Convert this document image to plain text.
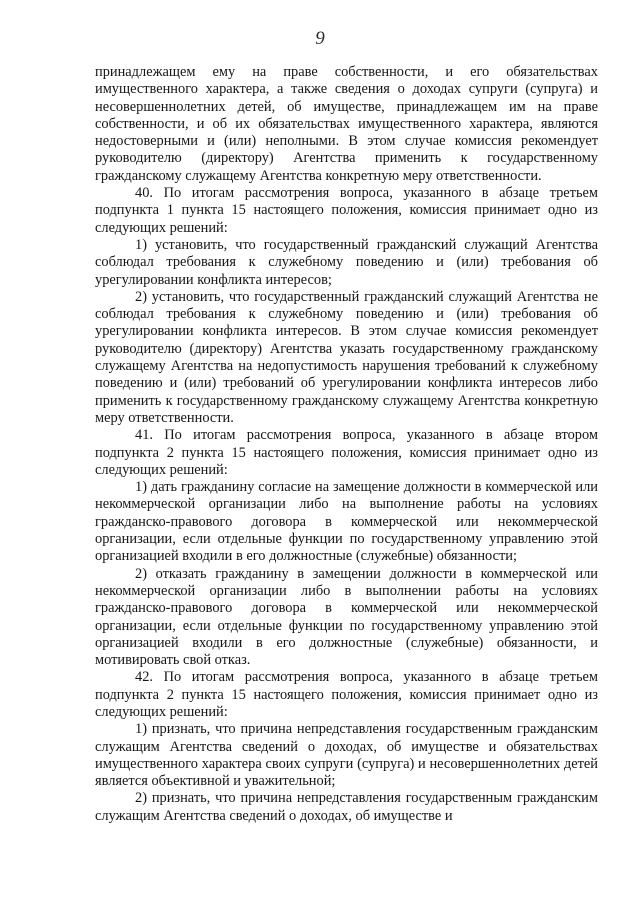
9

принадлежащем ему на праве собственности, и его обязательствах имущественного характера, а также сведения о доходах супруги (супруга) и несовершеннолетних детей, об имуществе, принадлежащем им на праве собственности, и об их обязательствах имущественного характера, являются недостоверными и (или) неполными. В этом случае комиссия рекомендует руководителю (директору) Агентства применить к государственному гражданскому служащему Агентства конкретную меру ответственности.

40. По итогам рассмотрения вопроса, указанного в абзаце третьем подпункта 1 пункта 15 настоящего положения, комиссия принимает одно из следующих решений:

1) установить, что государственный гражданский служащий Агентства соблюдал требования к служебному поведению и (или) требования об урегулировании конфликта интересов;

2) установить, что государственный гражданский служащий Агентства не соблюдал требования к служебному поведению и (или) требования об урегулировании конфликта интересов. В этом случае комиссия рекомендует руководителю (директору) Агентства указать государственному гражданскому служащему Агентства на недопустимость нарушения требований к служебному поведению и (или) требований об урегулировании конфликта интересов либо применить к государственному гражданскому служащему Агентства конкретную меру ответственности.

41. По итогам рассмотрения вопроса, указанного в абзаце втором подпункта 2 пункта 15 настоящего положения, комиссия принимает одно из следующих решений:

1) дать гражданину согласие на замещение должности в коммерческой или некоммерческой организации либо на выполнение работы на условиях гражданско-правового договора в коммерческой или некоммерческой организации, если отдельные функции по государственному управлению этой организацией входили в его должностные (служебные) обязанности;

2) отказать гражданину в замещении должности в коммерческой или некоммерческой организации либо в выполнении работы на условиях гражданско-правового договора в коммерческой или некоммерческой организации, если отдельные функции по государственному управлению этой организацией входили в его должностные (служебные) обязанности, и мотивировать свой отказ.

42. По итогам рассмотрения вопроса, указанного в абзаце третьем подпункта 2 пункта 15 настоящего положения, комиссия принимает одно из следующих решений:

1) признать, что причина непредставления государственным гражданским служащим Агентства сведений о доходах, об имуществе и обязательствах имущественного характера своих супруги (супруга) и несовершеннолетних детей является объективной и уважительной;

2) признать, что причина непредставления государственным гражданским служащим Агентства сведений о доходах, об имуществе и
